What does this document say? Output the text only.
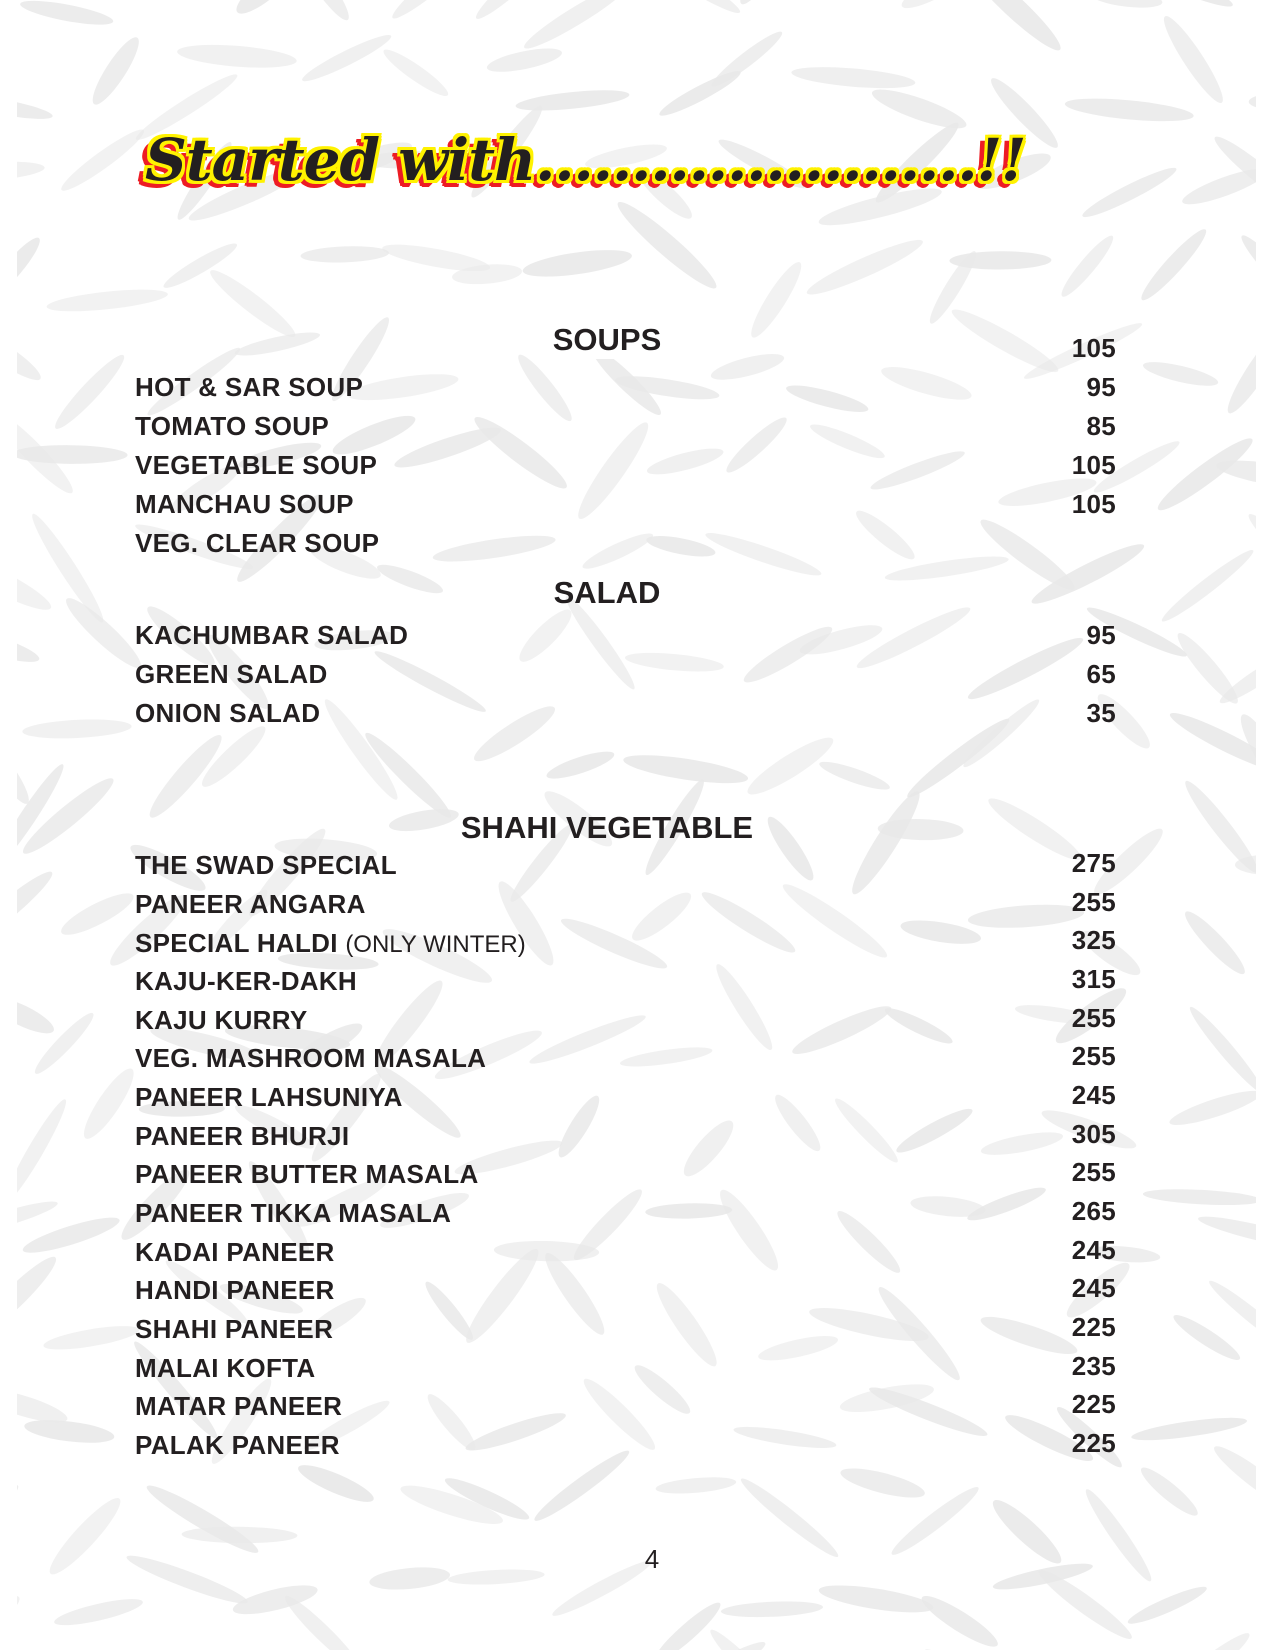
Started with.......................!!
SOUPS	105
95
85
105
105
HOT & SAR SOUP
TOMATO SOUP
VEGETABLE SOUP
MANCHAU SOUP
VEG. CLEAR SOUP
SALAD
KACHUMBAR SALAD
GREEN SALAD
ONION SALAD
95
65
35
SHAHI VEGETABLE
THE SWAD SPECIAL
PANEER ANGARA
SPECIAL HALDI (ONLY WINTER)
KAJU-KER-DAKH
KAJU KURRY
VEG. MASHROOM MASALA
PANEER LAHSUNIYA
PANEER BHURJI
PANEER BUTTER MASALA
PANEER TIKKA MASALA
KADAI PANEER
HANDI PANEER
SHAHI PANEER
MALAI KOFTA
MATAR PANEER
PALAK PANEER
275
255
325
315
255
255
245
305
255
265
245
245
225
235
225
225
4
